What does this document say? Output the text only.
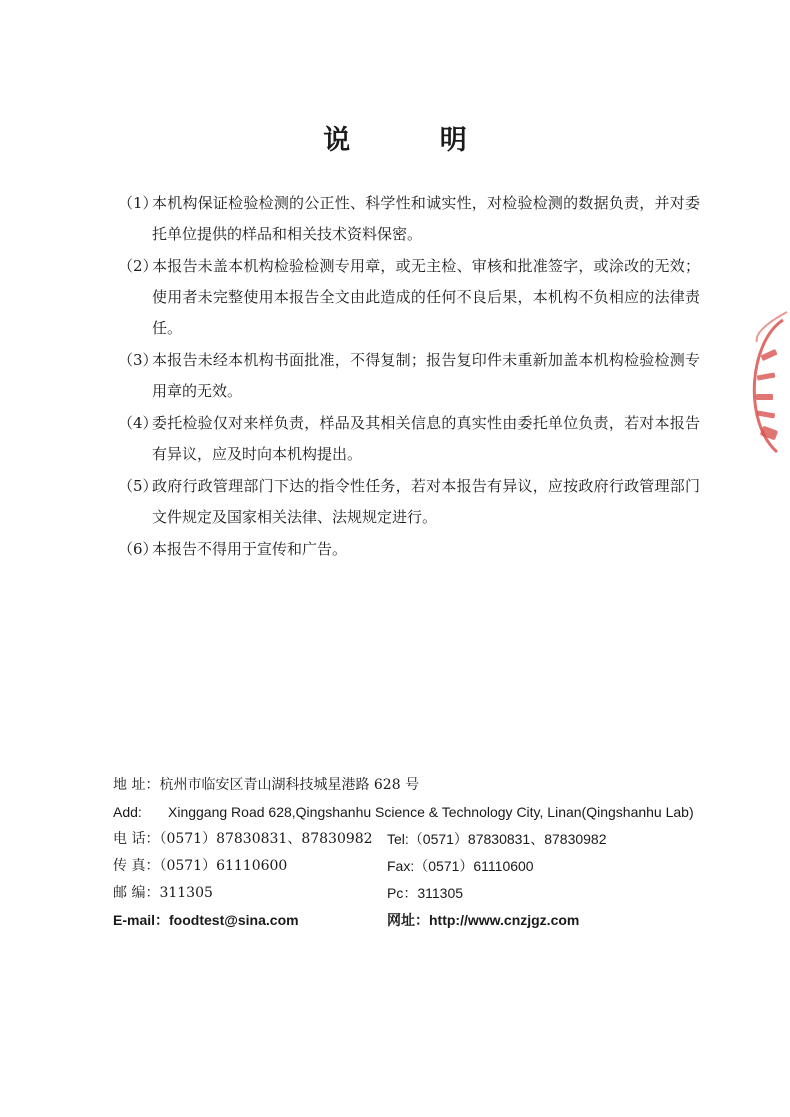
说 明
（1）
本机构保证检验检测的公正性、科学性和诚实性，对检验检测的数据负责，并对委托单位提供的样品和相关技术资料保密。
（2）
本报告未盖本机构检验检测专用章，或无主检、审核和批准签字，或涂改的无效；使用者未完整使用本报告全文由此造成的任何不良后果，本机构不负相应的法律责任。
（3）
本报告未经本机构书面批准，不得复制；报告复印件未重新加盖本机构检验检测专用章的无效。
（4）
委托检验仅对来样负责，样品及其相关信息的真实性由委托单位负责，若对本报告有异议，应及时向本机构提出。
（5）
政府行政管理部门下达的指令性任务，若对本报告有异议，应按政府行政管理部门文件规定及国家相关法律、法规规定进行。
（6）
本报告不得用于宣传和广告。
地 址：杭州市临安区青山湖科技城星港路 628 号
Add: Xinggang Road 628,Qingshanhu Science & Technology City, Linan(Qingshanhu Lab)
电 话：（0571）87830831、87830982 Tel:（0571）87830831、87830982
传 真：（0571）61110600	Fax:（0571）61110600
邮 编：311305	Pc：311305
E-mail：foodtest@sina.com	网址：http://www.cnzjgz.com
